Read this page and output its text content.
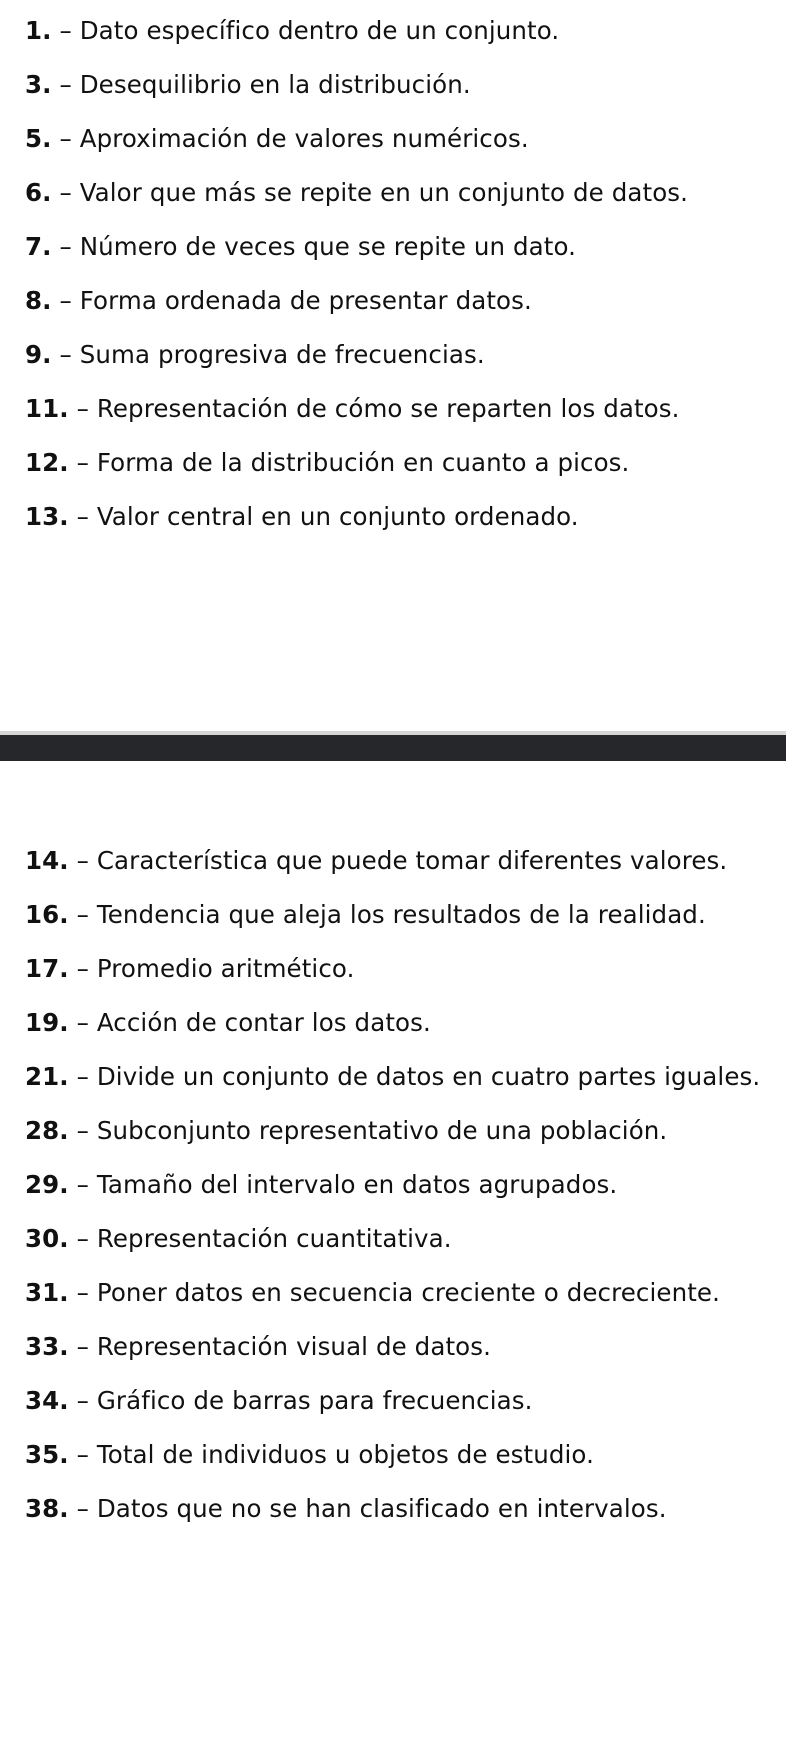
1. – Dato específico dentro de un conjunto.

3. – Desequilibrio en la distribución.

5. – Aproximación de valores numéricos.

6. – Valor que más se repite en un conjunto de datos.

7. – Número de veces que se repite un dato.

8. – Forma ordenada de presentar datos.

9. – Suma progresiva de frecuencias.

11. – Representación de cómo se reparten los datos.

12. – Forma de la distribución en cuanto a picos.

13. – Valor central en un conjunto ordenado.

14. – Característica que puede tomar diferentes valores.

16. – Tendencia que aleja los resultados de la realidad.

17. – Promedio aritmético.

19. – Acción de contar los datos.

21. – Divide un conjunto de datos en cuatro partes iguales.

28. – Subconjunto representativo de una población.

29. – Tamaño del intervalo en datos agrupados.

30. – Representación cuantitativa.

31. – Poner datos en secuencia creciente o decreciente.

33. – Representación visual de datos.

34. – Gráfico de barras para frecuencias.

35. – Total de individuos u objetos de estudio.

38. – Datos que no se han clasificado en intervalos.
